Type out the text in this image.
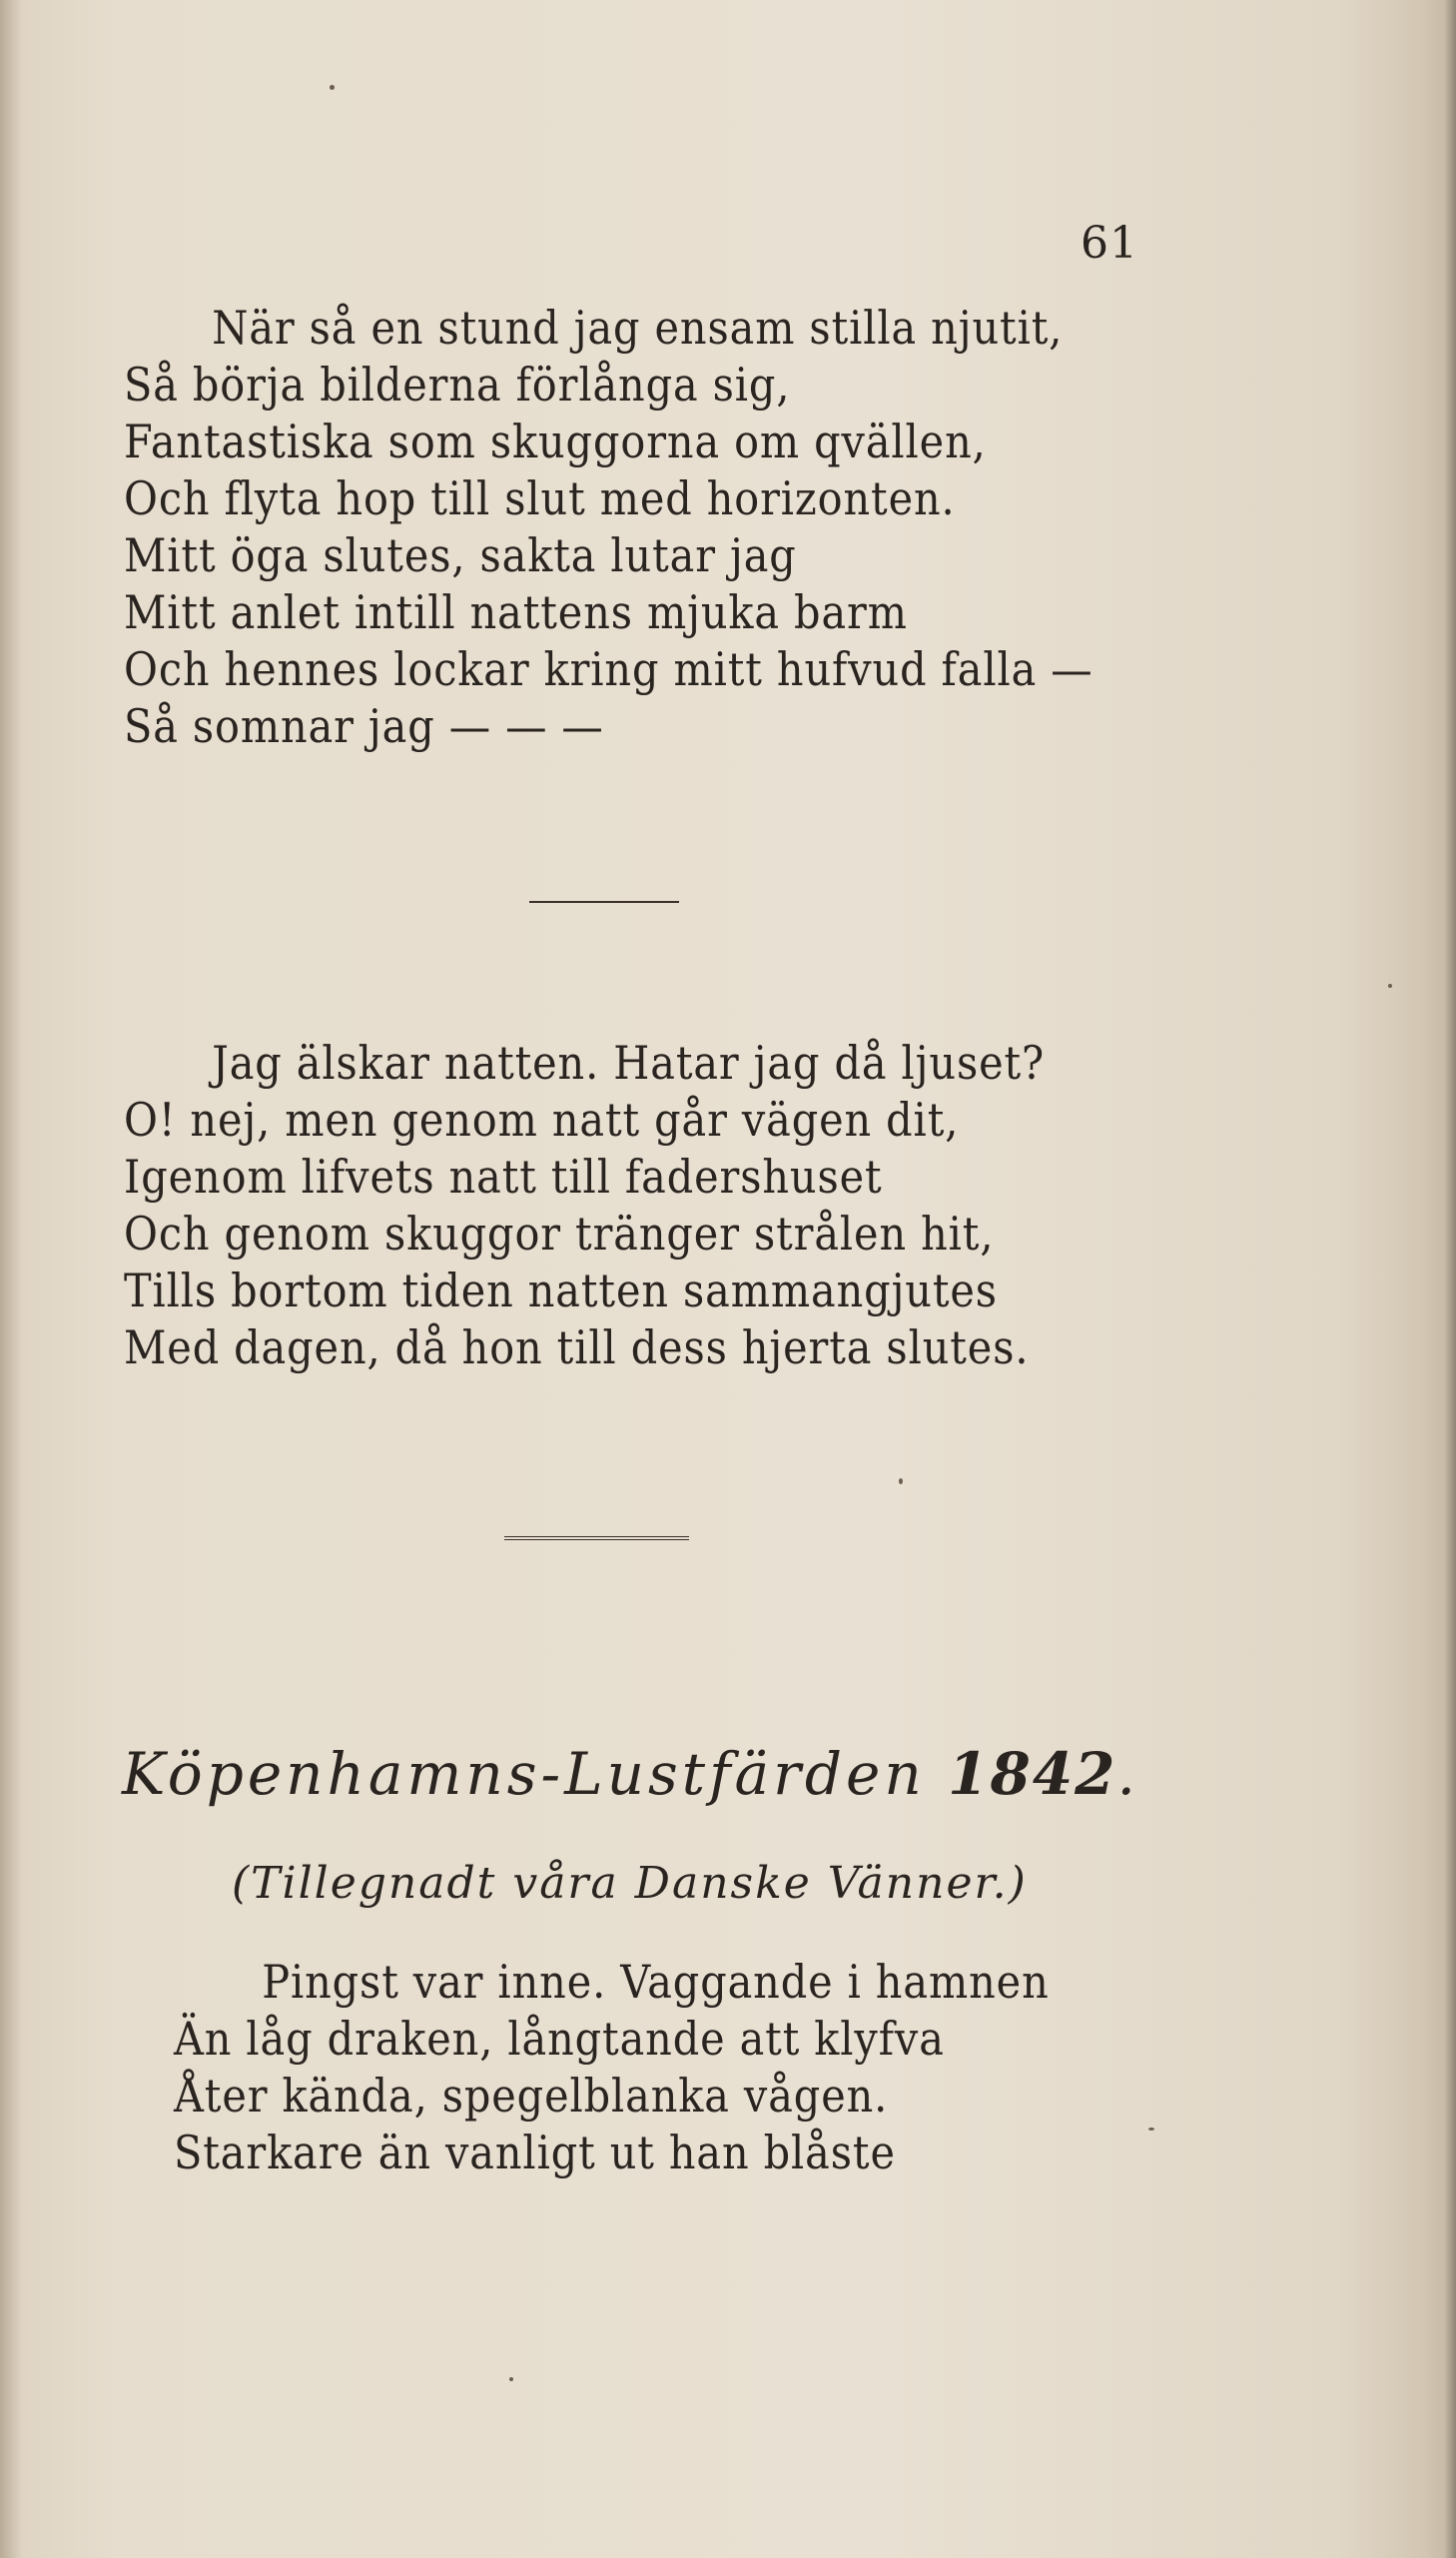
61
När så en stund jag ensam stilla njutit,
Så börja bilderna förlånga sig,
Fantastiska som skuggorna om qvällen,
Och flyta hop till slut med horizonten.
Mitt öga slutes, sakta lutar jag
Mitt anlet intill nattens mjuka barm
Och hennes lockar kring mitt hufvud falla —
Så somnar jag — — —
Jag älskar natten. Hatar jag då ljuset?
O! nej, men genom natt går vägen dit,
Igenom lifvets natt till fadershuset
Och genom skuggor tränger strålen hit,
Tills bortom tiden natten sammangjutes
Med dagen, då hon till dess hjerta slutes.
Köpenhamns-Lustfärden 1842.
(Tillegnadt våra Danske Vänner.)
Pingst var inne. Vaggande i hamnen
Än låg draken, långtande att klyfva
Åter kända, spegelblanka vågen.
Starkare än vanligt ut han blåste
